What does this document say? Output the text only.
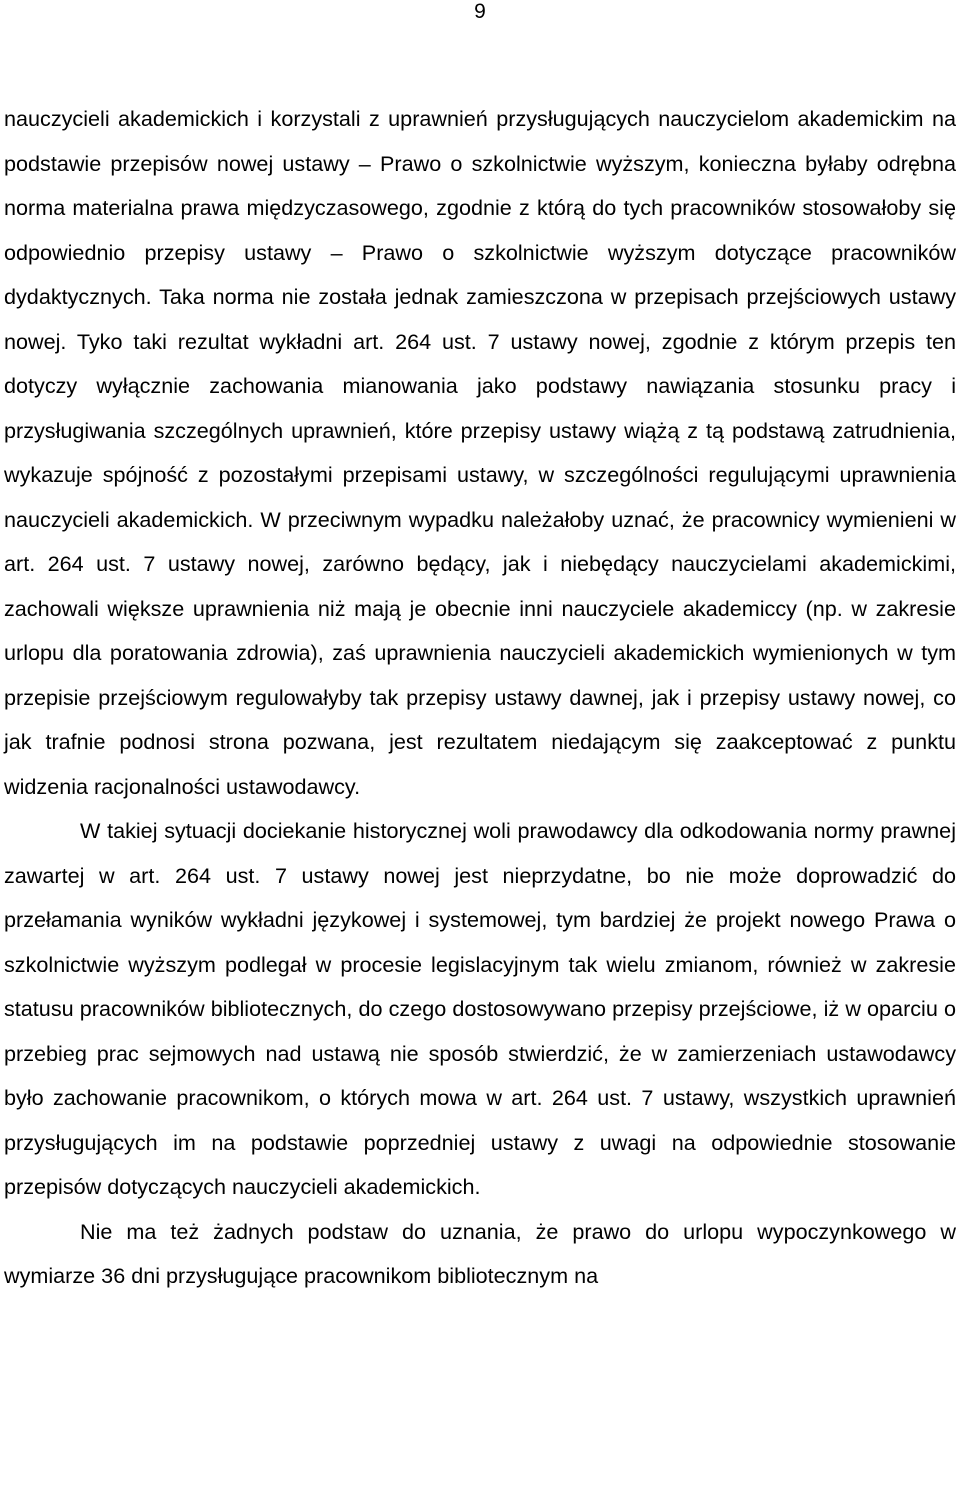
9

nauczycieli akademickich i korzystali z uprawnień przysługujących nauczycielom akademickim na podstawie przepisów nowej ustawy – Prawo o szkolnictwie wyższym, konieczna byłaby odrębna norma materialna prawa międzyczasowego, zgodnie z którą do tych pracowników stosowałoby się odpowiednio przepisy ustawy – Prawo o szkolnictwie wyższym dotyczące pracowników dydaktycznych. Taka norma nie została jednak zamieszczona w przepisach przejściowych ustawy nowej. Tyko taki rezultat wykładni art. 264 ust. 7 ustawy nowej, zgodnie z którym przepis ten dotyczy wyłącznie zachowania mianowania jako podstawy nawiązania stosunku pracy i przysługiwania szczególnych uprawnień, które przepisy ustawy wiążą z tą podstawą zatrudnienia, wykazuje spójność z pozostałymi przepisami ustawy, w szczególności regulującymi uprawnienia nauczycieli akademickich. W przeciwnym wypadku należałoby uznać, że pracownicy wymienieni w art. 264 ust. 7 ustawy nowej, zarówno będący, jak i niebędący nauczycielami akademickimi, zachowali większe uprawnienia niż mają je obecnie inni nauczyciele akademiccy (np. w zakresie urlopu dla poratowania zdrowia), zaś uprawnienia nauczycieli akademickich wymienionych w tym przepisie przejściowym regulowałyby tak przepisy ustawy dawnej, jak i przepisy ustawy nowej, co jak trafnie podnosi strona pozwana, jest rezultatem niedającym się zaakceptować z punktu widzenia racjonalności ustawodawcy.

W takiej sytuacji dociekanie historycznej woli prawodawcy dla odkodowania normy prawnej zawartej w art. 264 ust. 7 ustawy nowej jest nieprzydatne, bo nie może doprowadzić do przełamania wyników wykładni językowej i systemowej, tym bardziej że projekt nowego Prawa o szkolnictwie wyższym podlegał w procesie legislacyjnym tak wielu zmianom, również w zakresie statusu pracowników bibliotecznych, do czego dostosowywano przepisy przejściowe, iż w oparciu o przebieg prac sejmowych nad ustawą nie sposób stwierdzić, że w zamierzeniach ustawodawcy było zachowanie pracownikom, o których mowa w art. 264 ust. 7 ustawy, wszystkich uprawnień przysługujących im na podstawie poprzedniej ustawy z uwagi na odpowiednie stosowanie przepisów dotyczących nauczycieli akademickich.

Nie ma też żadnych podstaw do uznania, że prawo do urlopu wypoczynkowego w wymiarze 36 dni przysługujące pracownikom bibliotecznym na
